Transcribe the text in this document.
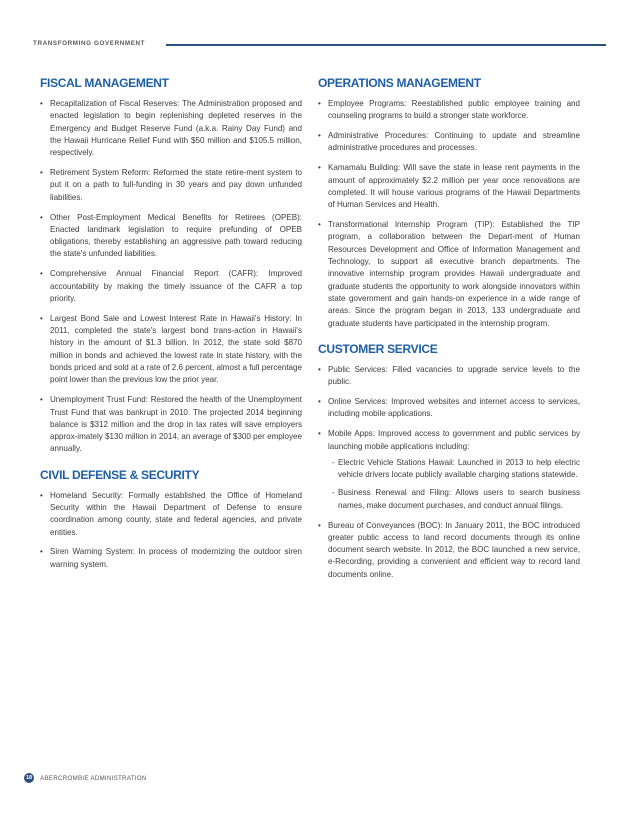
TRANSFORMING GOVERNMENT
FISCAL MANAGEMENT
• Recapitalization of Fiscal Reserves: The Administration proposed and enacted legislation to begin replenishing depleted reserves in the Emergency and Budget Reserve Fund (a.k.a. Rainy Day Fund) and the Hawaii Hurricane Relief Fund with $50 million and $105.5 million, respectively.
• Retirement System Reform: Reformed the state retire-ment system to put it on a path to full-funding in 30 years and pay down unfunded liabilities.
• Other Post-Employment Medical Benefits for Retirees (OPEB): Enacted landmark legislation to require prefunding of OPEB obligations, thereby establishing an aggressive path toward reducing the state's unfunded liabilities.
• Comprehensive Annual Financial Report (CAFR): Improved accountability by making the timely issuance of the CAFR a top priority.
• Largest Bond Sale and Lowest Interest Rate in Hawaii's History: In 2011, completed the state's largest bond trans-action in Hawaii's history in the amount of $1.3 billion. In 2012, the state sold $870 million in bonds and achieved the lowest rate in state history, with the bonds priced and sold at a rate of 2.6 percent, almost a full percentage point lower than the previous low the prior year.
• Unemployment Trust Fund: Restored the health of the Unemployment Trust Fund that was bankrupt in 2010. The projected 2014 beginning balance is $312 million and the drop in tax rates will save employers approx-imately $130 million in 2014, an average of $300 per employee annually.
CIVIL DEFENSE & SECURITY
• Homeland Security: Formally established the Office of Homeland Security within the Hawaii Department of Defense to ensure coordination among county, state and federal agencies, and private entities.
• Siren Warning System: In process of modernizing the outdoor siren warning system.
OPERATIONS MANAGEMENT
• Employee Programs: Reestablished public employee training and counseling programs to build a stronger state workforce.
• Administrative Procedures: Continuing to update and streamline administrative procedures and processes.
• Kamamalu Building: Will save the state in lease rent payments in the amount of approximately $2.2 million per year once renovations are completed. It will house various programs of the Hawaii Departments of Human Services and Health.
• Transformational Internship Program (TIP): Established the TIP program, a collaboration between the Depart-ment of Human Resources Development and Office of Information Management and Technology, to support all executive branch departments. The innovative internship program provides Hawaii undergraduate and graduate students the opportunity to work alongside innovators within state government and gain hands-on experience in a wide range of areas. Since the program began in 2013, 133 undergraduate and graduate students have participated in the internship program.
CUSTOMER SERVICE
• Public Services: Filled vacancies to upgrade service levels to the public.
• Online Services: Improved websites and internet access to services, including mobile applications.
• Mobile Apps: Improved access to government and public services by launching mobile applications including:
- Electric Vehicle Stations Hawaii: Launched in 2013 to help electric vehicle drivers locate publicly available charging stations statewide.
- Business Renewal and Filing: Allows users to search business names, make document purchases, and conduct annual filings.
• Bureau of Conveyances (BOC): In January 2011, the BOC introduced greater public access to land record documents through its online document search website. In 2012, the BOC launched a new service, e-Recording, providing a convenient and efficient way to record land documents online.
18	ABERCROMBIE ADMINISTRATION
